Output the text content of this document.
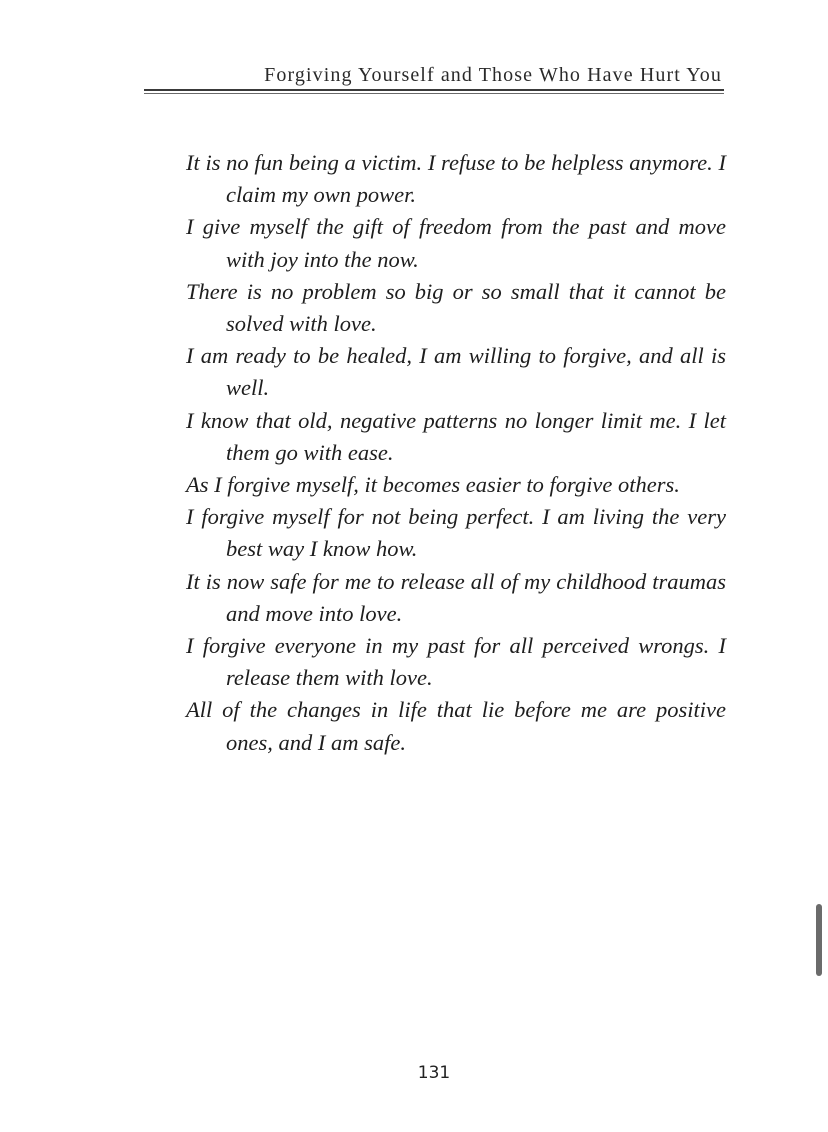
Forgiving Yourself and Those Who Have Hurt You
It is no fun being a victim. I refuse to be helpless anymore. I claim my own power.
I give myself the gift of freedom from the past and move with joy into the now.
There is no problem so big or so small that it cannot be solved with love.
I am ready to be healed, I am willing to forgive, and all is well.
I know that old, negative patterns no longer limit me. I let them go with ease.
As I forgive myself, it becomes easier to forgive others.
I forgive myself for not being perfect. I am living the very best way I know how.
It is now safe for me to release all of my childhood traumas and move into love.
I forgive everyone in my past for all perceived wrongs. I release them with love.
All of the changes in life that lie before me are positive ones, and I am safe.
131
